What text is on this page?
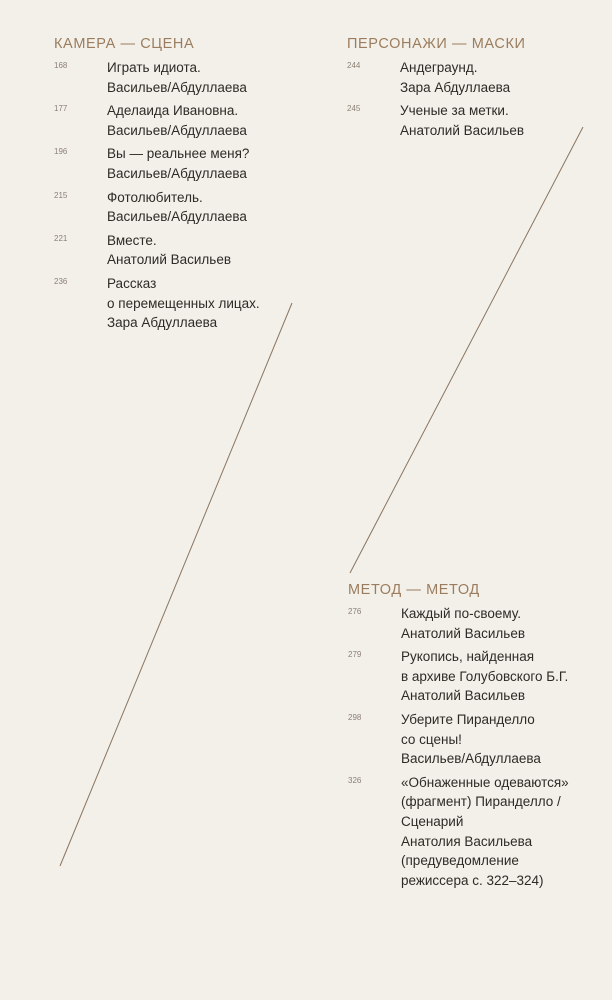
КАМЕРА — СЦЕНА
168	Играть идиота.
Васильев/Абдуллаева
177	Аделаида Ивановна.
Васильев/Абдуллаева
196	Вы — реальнее меня?
Васильев/Абдуллаева
215	Фотолюбитель.
Васильев/Абдуллаева
221	Вместе.
Анатолий Васильев
236	Рассказ
о перемещенных лицах.
Зара Абдуллаева
ПЕРСОНАЖИ — МАСКИ
244	Андеграунд.
Зара Абдуллаева
245	Ученые за метки.
Анатолий Васильев
МЕТОД — МЕТОД
276	Каждый по-своему.
Анатолий Васильев
279	Рукопись, найденная
в архиве Голубовского Б.Г.
Анатолий Васильев
298	Уберите Пиранделло
со сцены!
Васильев/Абдуллаева
326	«Обнаженные одеваются»
(фрагмент) Пиранделло /
Сценарий
Анатолия Васильева
(предуведомление
режиссера с. 322–324)
